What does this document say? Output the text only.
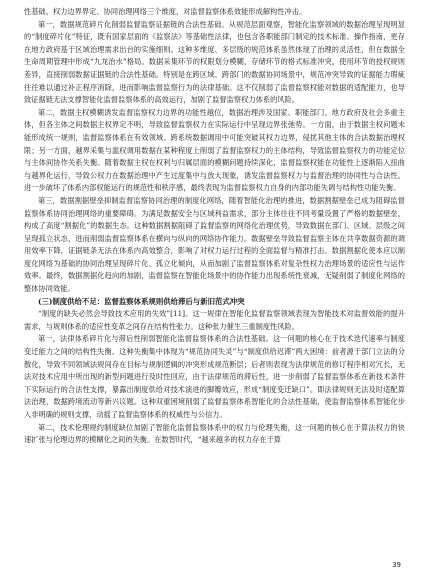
性基础、权力边界界定、协同治理网络三个维度，对监督监察体系效能形成解构性冲击。

第一，数据规范碎片化削弱监督监察证据链的合法性基础。从规范层面观察，智能化监察领域的数据治理呈现明显的“制度碎片化”特征，既有国家层面的《监察法》等基础性法律，也包含各职能部门制定的技术标准、操作指南，更存在地方政府基于区域治理需求出台的实施细则。这种多维度、多层级的规范体系虽然体现了治理的灵活性，但在数据全生命周期管理中形成“九龙治水”格局。数据采集环节的权限划分模糊，存储环节的格式标准冲突，使用环节的授权规则差异，直接削弱数据证据链的合法性基础。特别是在跨区域、跨部门的数据协同场景中，规范冲突导致的证据能力瑕疵往往难以通过补正程序消除，进而影响监督监察行为的法律基础。这不仅削弱了监督监察权能对数据的适配能力，也导致证据链无法支撑智能化监督监察体系的高效运行，加剧了监督监察权力体系的风险。

第二，数据主权模糊诱发监督监察权力边界的功能性越位，数据治理涉及国家、职能部门、地方政府及社会多重主体，但各主体之间数据主权界定不明，导致监督监察权力在实际运行中呈现边界张弛势。一方面，由于数据主权问题未能形成统一规则，监督监察体系在有效领域、跨系统数据调用中可能突破其权力边界，侵扰其他主体的合法数据治理权限；另一方面，越界采集与滥权调用数据在某种程度上削弱了监督监察权力的主体结构，导致监督监察权力的功能定位与主体间协作关系失衡。随着数据主权在权利与归属层面的模糊问题持续深化，监督监察权能在功能性上逐渐陷入扭曲与越界化运行，导致公权力在数据治理中产生过度集中与放大现象，诱发监督监察权力与监督治理的协同性与合法性。进一步破坏了体系内部权能运行的规范性和秩序感，最终表现为监督监察权力自身的内部功能失调与结构性功能失衡。

第三，数据割据壁垒抑制监督监察协同治理的制度化网络，随着智能化治理的推进，数据割据壁垒已成为阻碍监督监察体系协同治理网络的重要障碍。为满足数据安全与区域利益需求，部分主体往往不同考量设置了严格的数据壁垒，构成了高度“割据化”的数据生态。这种数据割据阻碍了监督监察的网络化治理优势，导致数据在部门、区域、层级之间呈现孤立状态，进而削弱监督监察体系在横向与纵向的网络协作能力。数据壁垒导致监督监察主体在共享数据资源的调用效率下降，证据链条无法在体系内高效整合，影响了对权力运行过程的全面监督与精准打击。数据割据化使本应以制度化网络为基础的协同治理呈现碎片化、孤立化倾向，从而加剧了监督监察体系对复杂性权力治理场景的适应性与运作效率。最终，数据割据化趋向的加剧，监督监察在智能化场景中的协作能力出现系统性衰减，无疑削弱了制度化网络的整体协同效能。

(三)制度供给不足：监督监察体系规则供给滞后与新旧范式冲突

“制度的缺失必然会导致技术应用的失效”[11]。这一规律在智能化监督监察领域表现为智能技术对监督效能的提升需求，与规则体系的适应性变革之间存在结构性张力。这种张力催生三重制度性风险。

第一，法律体系碎片化与滞后性削弱智能化监督监察体系的合法性基础。这一问题的核心在于技术迭代速率与制度变迁能力之间的结构性失衡。这种失衡集中体现为“规范协同失灵”与“制度供给迟滞”两大困境：前者源于部门立法的分散化，导致不同领域法规间存在目标与规制逻辑的冲突形成规范断层；后者则表现为法律规范的修订程序相对冗长，无法对技术应用中所出现的新型问题进行及时性回应，由于法律规范的滞后性，进一步削弱了监督监察体系在新技术条件下实际运行的合法性支撑，暴露出制度供给对技术演进的脚瓣效应，形成“制度变迁缺口”。即法律规则无法及时适配算法治理、数据跨境流动等新兴议题。这种双重困境削弱了监督监察体系智能化的合法性基础，使监督监察体系智能化步入非明确的规则支撑，动摇了监督监察体系的权威性与公信力。

第二，技术伦理规约制度缺位加剧了智能化监督监察体系中的权力与伦理失衡，这一问题的核心在于算法权力的快速扩张与伦理边界的模糊化之间的失衡。在数智时代，“越来越多的权力存在于算

39
